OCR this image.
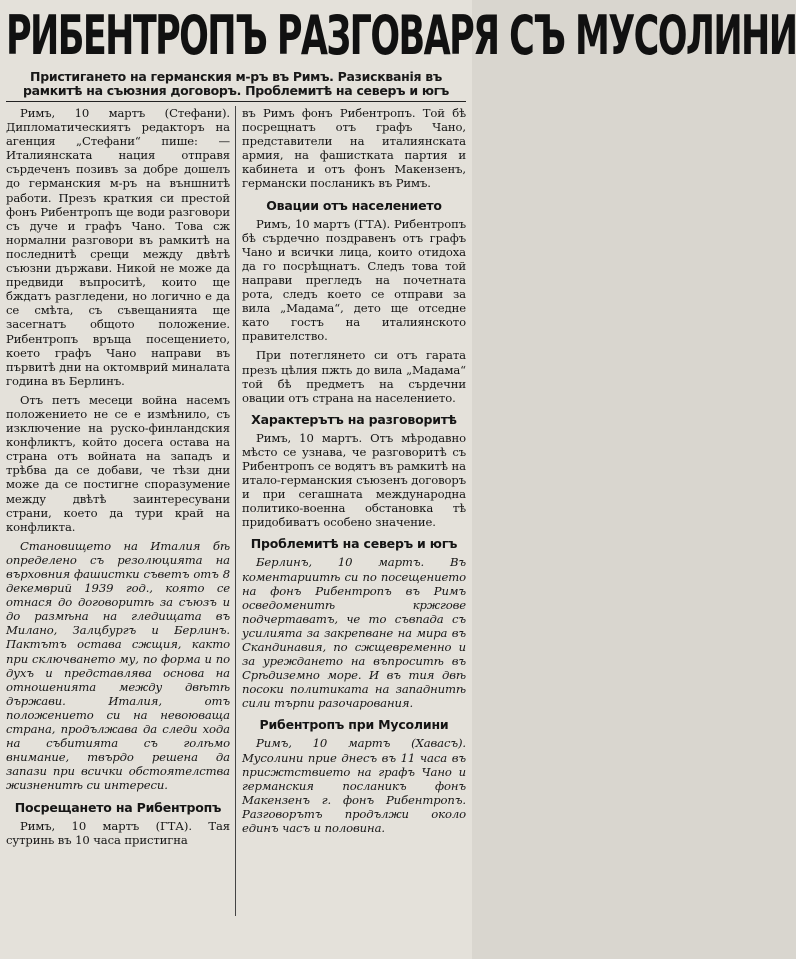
РИБЕНТРОПЪ РАЗГОВАРЯ СЪ МУСОЛИНИ
Пристигането на германския м-ръ въ Римъ. Разискванія въ рамкитѣ на съюзния договоръ. Проблемитѣ на северъ и югъ

Римъ, 10 мартъ (Стефани). Дипломатическиятъ редакторъ на агенция „Стефани“ пише: — Италиянската нация отправя сърдеченъ позивъ за добре дошелъ до германския м-ръ на външнитѣ работи. Презъ краткия си престой фонъ Рибентропъ ще води разговори съ дуче и графъ Чано. Това сж нормални разговори въ рамкитѣ на последнитѣ срещи между двѣтѣ съюзни държави. Никой не може да предвиди въпроситѣ, които ще бждатъ разгледени, но логично е да се смѣта, съ съвещанията ще засегнатъ общото положение. Рибентропъ връща посещението, което графъ Чано направи въ първитѣ дни на октомврий миналата година въ Берлинъ.

Отъ петъ месеци война насемъ положението не се е измѣнило, съ изключение на руско-финландския конфликтъ, който досега остава на страна отъ войната на западъ и трѣбва да се добави, че тѣзи дни може да се постигне споразумение между двѣтѣ заинтересувани страни, което да тури край на конфликта.

Становището на Италия бѣ определено съ резолюцията на върховния фашистки съветъ отъ 8 декемврий 1939 год., която се отнася до договоритѣ за съюзъ и до размѣна на гледищата въ Милано, Залцбургъ и Берлинъ. Пактътъ остава сжщия, както при сключването му, по форма и по духъ и представлява основа на отношенията между двѣтѣ държави. Италия, отъ положението си на невоюваща страна, продължава да следи хода на събитията съ голѣмо внимание, твърдо решена да запази при всички обстоятелства жизненитѣ си интереси.

Посрещането на Рибентропъ

Римъ, 10 мартъ (ГТА). Тая сутринь въ 10 часа пристигна

въ Римъ фонъ Рибентропъ. Той бѣ посрещнатъ отъ графъ Чано, представители на италиянската армия, на фашистката партия и кабинета и отъ фонъ Макензенъ, германски посланикъ въ Римъ.

Овации отъ населението

Римъ, 10 мартъ (ГТА). Рибентропъ бѣ сърдечно поздравенъ отъ графъ Чано и всички лица, които отидоха да го посрѣщнатъ. Следъ това той направи прегледъ на почетната рота, следъ което се отправи за вила „Мадама“, дето ще отседне като гостъ на италиянското правителство.

При потеглянето си отъ гарата презъ цѣлия пжть до вила „Мадама“ той бѣ предметъ на сърдечни овации отъ страна на населението.

Характерътъ на разговоритѣ

Римъ, 10 мартъ. Отъ мѣродавно мѣсто се узнава, че разговоритѣ съ Рибентропъ се водятъ въ рамкитѣ на итало-германския съюзенъ договоръ и при сегашната международна политико-военна обстановка тѣ придобиватъ особено значение.

Проблемитѣ на северъ и югъ

Берлинъ, 10 мартъ. Въ коментариитѣ си по посещението на фонъ Рибентропъ въ Римъ осведоменитѣ кржгове подчертаватъ, че то съвпада съ усилията за закрепване на мира въ Скандинавия, по сжщевременно и за уреждането на въпроситѣ въ Срѣдиземно море. И въ тия двѣ посоки политиката на западнитѣ сили търпи разочарования.

Рибентропъ при Мусолини

Римъ, 10 мартъ (Хавасъ). Мусолини прие днесъ въ 11 часа въ присжтствието на графъ Чано и германския посланикъ фонъ Макензенъ г. фонъ Рибентропъ. Разговорътъ продължи около единъ часъ и половина.
